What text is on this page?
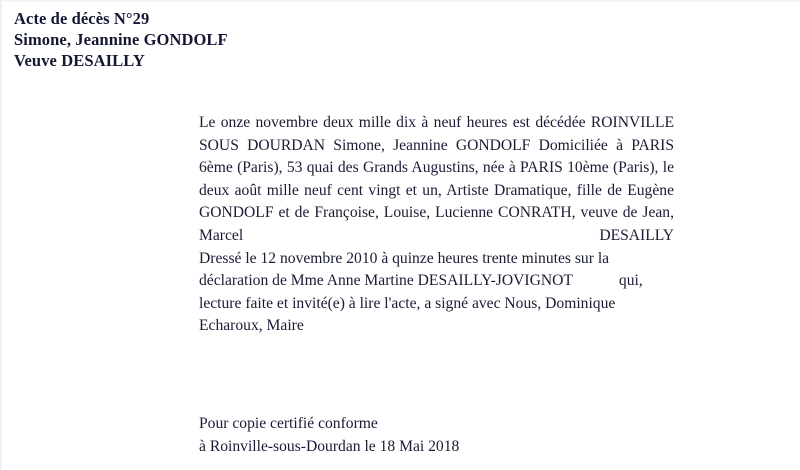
Acte de décès N°29
Simone, Jeannine GONDOLF
Veuve DESAILLY

Le onze novembre deux mille dix à neuf heures est décédée ROINVILLE SOUS DOURDAN Simone, Jeannine GONDOLF Domiciliée à PARIS 6ème (Paris), 53 quai des Grands Augustins, née à PARIS 10ème (Paris), le deux août mille neuf cent vingt et un, Artiste Dramatique, fille de Eugène GONDOLF et de Françoise, Louise, Lucienne CONRATH, veuve de Jean, Marcel DESAILLY

Dressé le 12 novembre 2010 à quinze heures trente minutes sur la déclaration de Mme Anne Martine DESAILLY-JOVIGNOT	qui, lecture faite et invité(e) à lire l'acte, a signé avec Nous, Dominique Echaroux, Maire

Pour copie certifié conforme
à Roinville-sous-Dourdan le 18 Mai 2018
